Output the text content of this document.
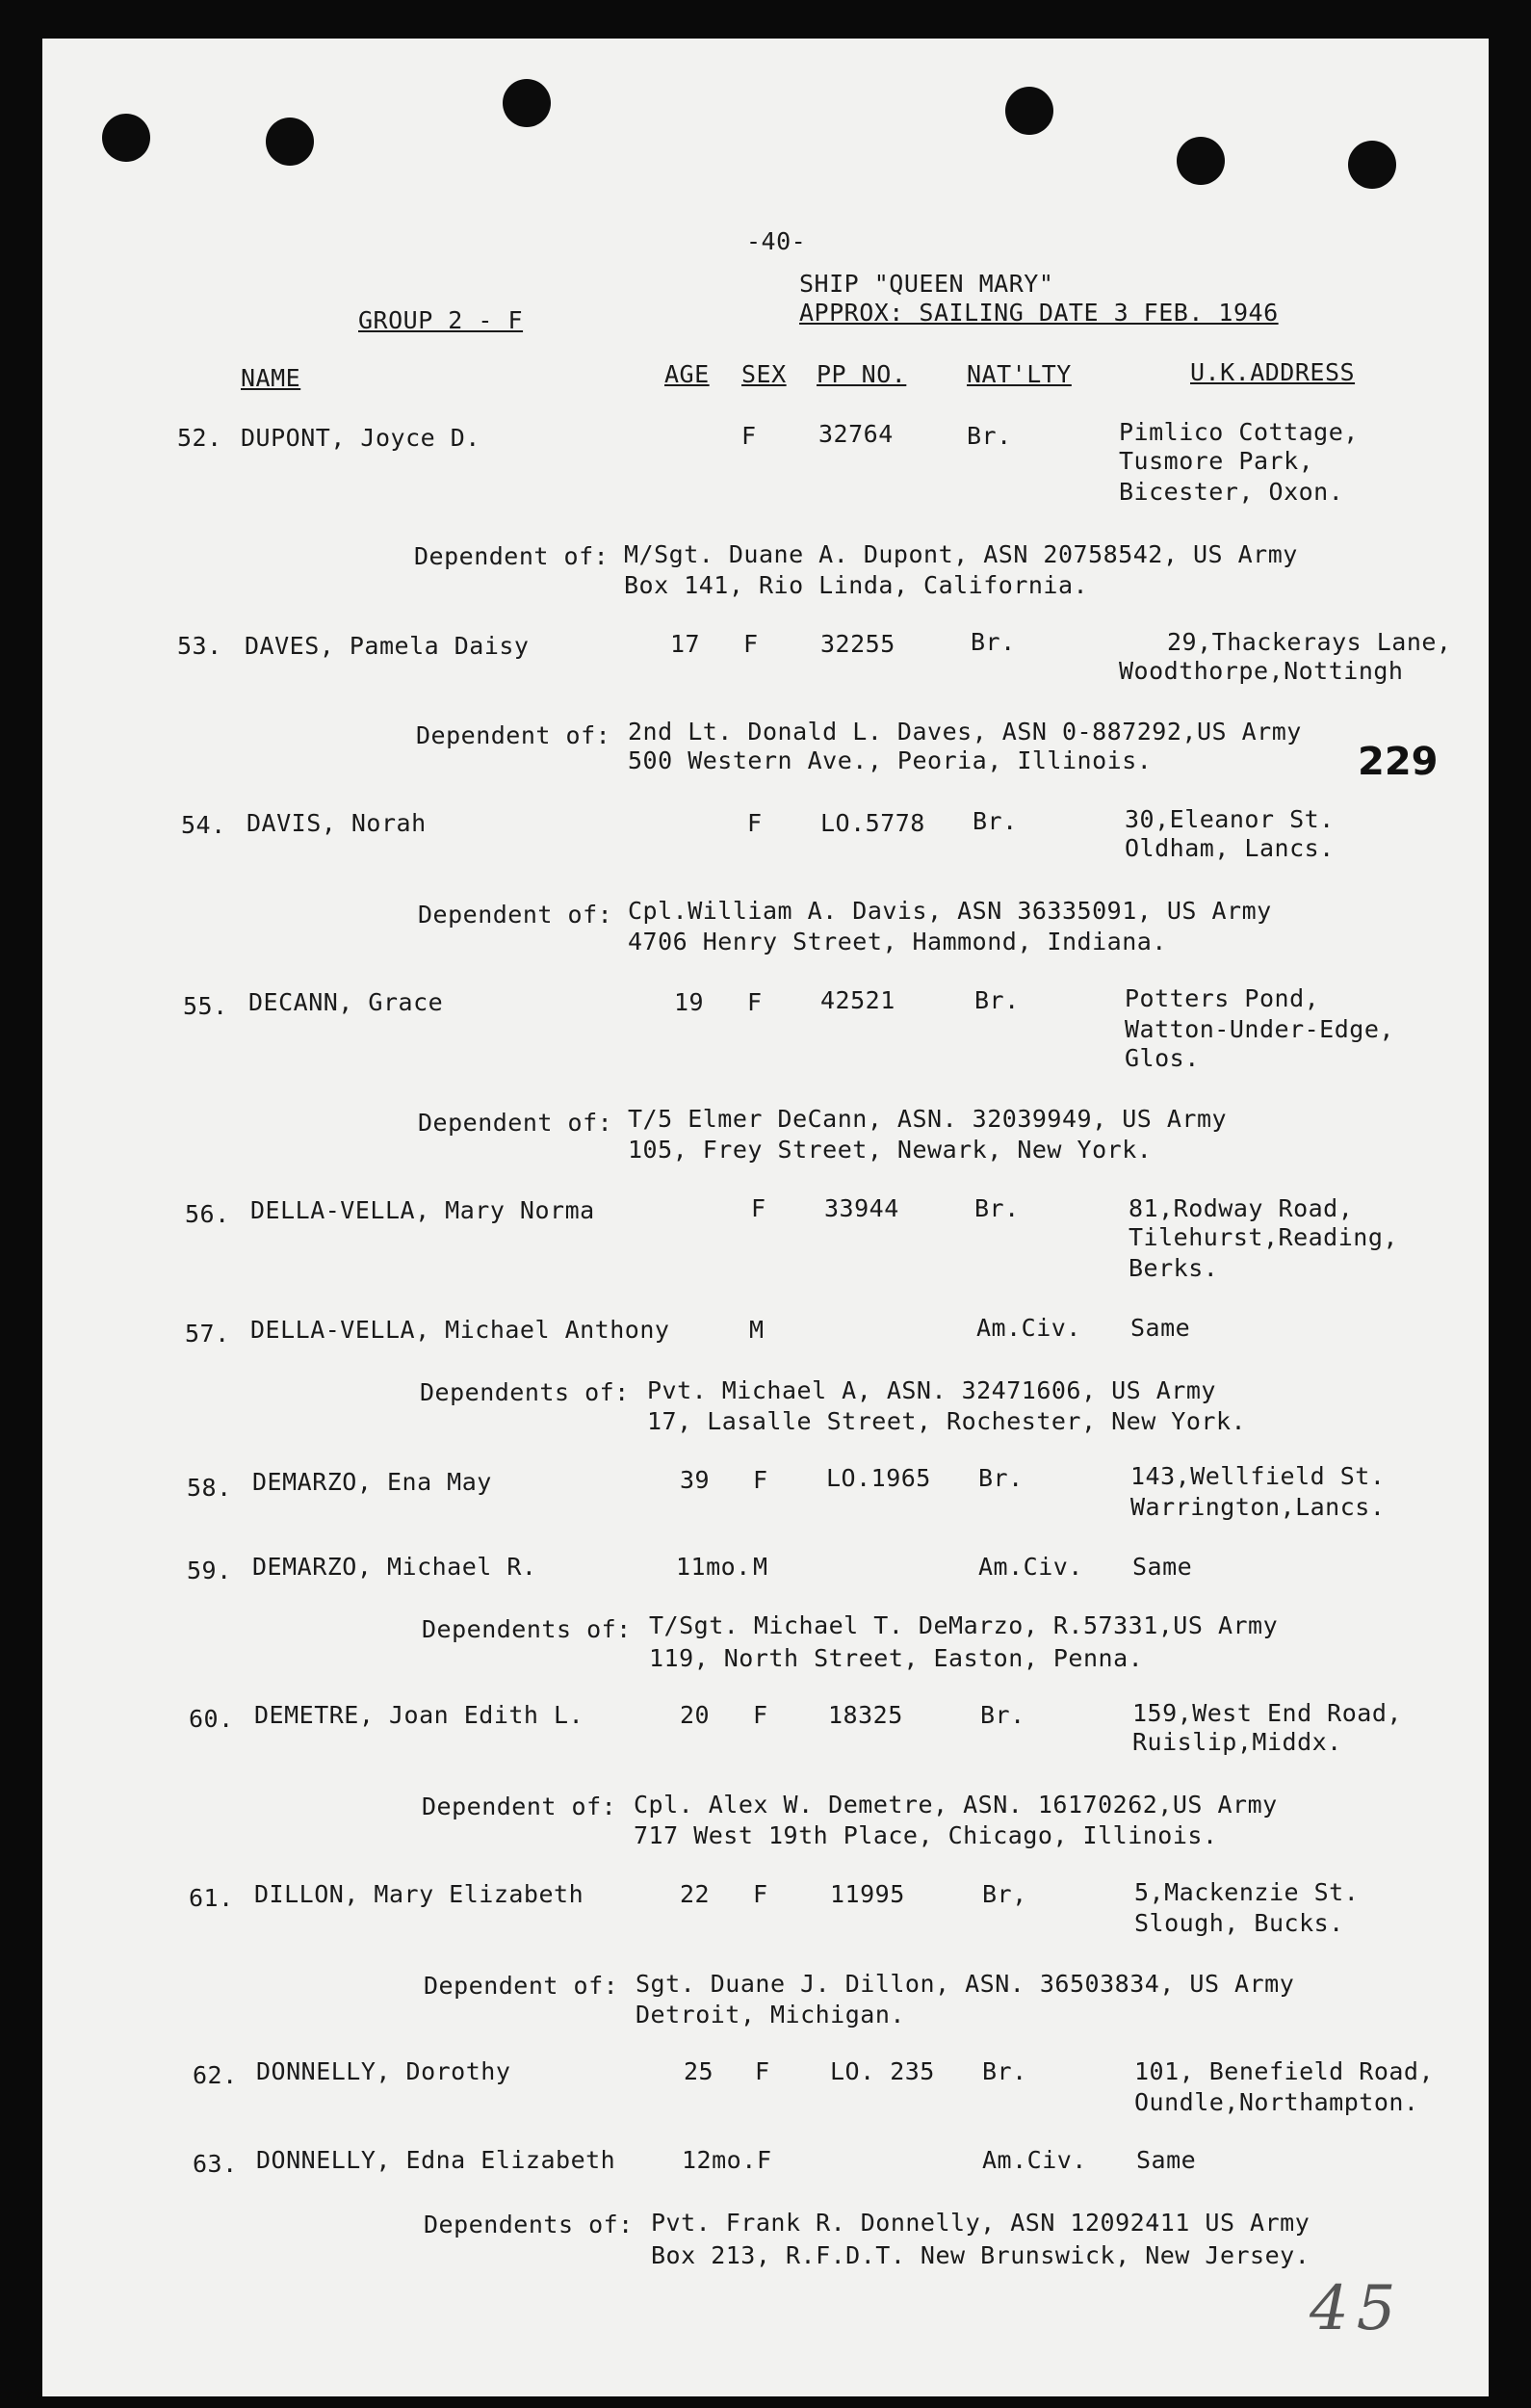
-40-
SHIP "QUEEN MARY"
APPROX: SAILING DATE 3 FEB. 1946
GROUP 2 - F
NAME	AGE SEX PP NO.	NAT'LTY	U.K.ADDRESS
52. DUPONT, Joyce D.	F	32764	Br.	Pimlico Cottage,
Tusmore Park,
Bicester, Oxon.
Dependent of: M/Sgt. Duane A. Dupont, ASN 20758542, US Army
Box 141, Rio Linda, California.
53. DAVES, Pamela Daisy	17 F	32255	Br.	29,Thackerays Lane,
Woodthorpe,Nottingh
Dependent of: 2nd Lt. Donald L. Daves, ASN 0-887292,US Army
500 Western Ave., Peoria, Illinois.	229
54. DAVIS, Norah	F LO.5778 Br.	30,Eleanor St.
Oldham, Lancs.
Dependent of: Cpl.William A. Davis, ASN 36335091, US Army
4706 Henry Street, Hammond, Indiana.
55. DECANN, Grace	19 F 42521	Br.	Potters Pond,
Watton-Under-Edge,
Glos.
Dependent of: T/5 Elmer DeCann, ASN. 32039949, US Army
105, Frey Street, Newark, New York.
56. DELLA-VELLA, Mary Norma	F 33944	Br.	81,Rodway Road,
Tilehurst,Reading,
Berks.
57. DELLA-VELLA, Michael Anthony	M	Am.Civ. Same
Dependents of: Pvt. Michael A, ASN. 32471606, US Army
17, Lasalle Street, Rochester, New York.
58. DEMARZO, Ena May	39 F LO.1965 Br.	143,Wellfield St.
Warrington,Lancs.
59. DEMARZO, Michael R.	11mo. M	Am.Civ. Same
Dependents of: T/Sgt. Michael T. DeMarzo, R.57331,US Army
119, North Street, Easton, Penna.
60. DEMETRE, Joan Edith L.	20 F 18325	Br.	159,West End Road,
Ruislip,Middx.
Dependent of: Cpl. Alex W. Demetre, ASN. 16170262,US Army
717 West 19th Place, Chicago, Illinois.
61. DILLON, Mary Elizabeth	22 F	11995	Br,	5,Mackenzie St.
Slough, Bucks.
Dependent of: Sgt. Duane J. Dillon, ASN. 36503834, US Army
Detroit, Michigan.
62. DONNELLY, Dorothy	25 F LO. 235 Br.	101, Benefield Road,
Oundle,Northampton.
63. DONNELLY, Edna Elizabeth	12mo. F	Am.Civ. Same
Dependents of: Pvt. Frank R. Donnelly, ASN 12092411 US Army
Box 213, R.F.D.T. New Brunswick, New Jersey.
45
